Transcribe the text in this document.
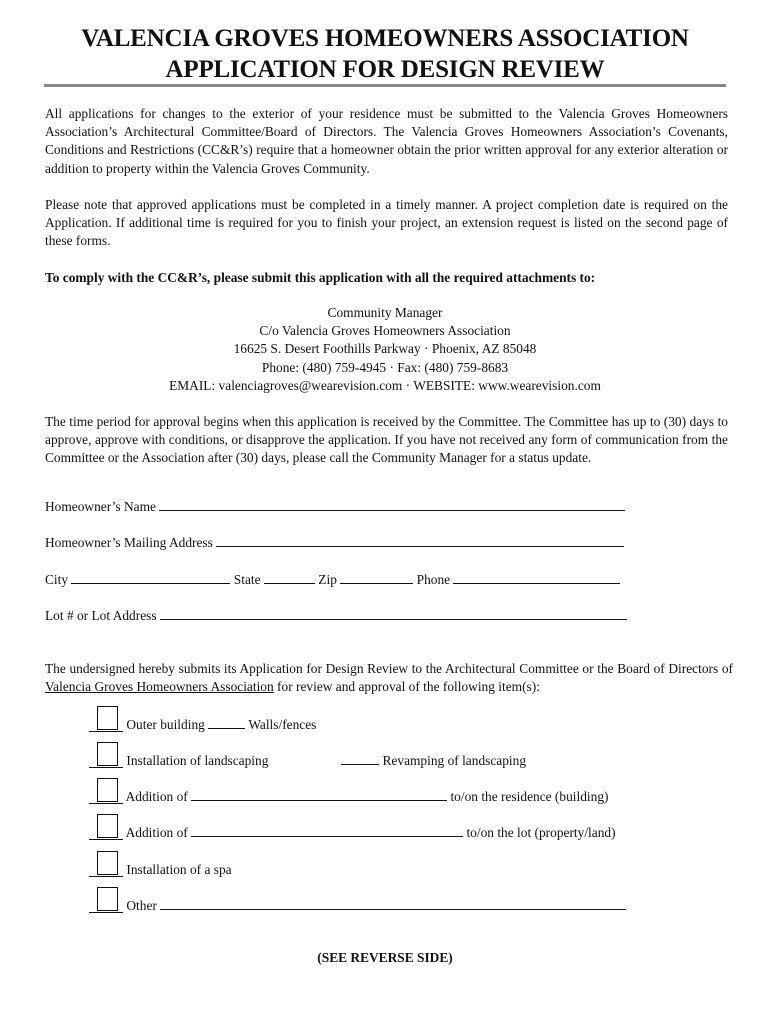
VALENCIA GROVES HOMEOWNERS ASSOCIATION
APPLICATION FOR DESIGN REVIEW
All applications for changes to the exterior of your residence must be submitted to the Valencia Groves Homeowners Association’s Architectural Committee/Board of Directors. The Valencia Groves Homeowners Association’s Covenants, Conditions and Restrictions (CC&R’s) require that a homeowner obtain the prior written approval for any exterior alteration or addition to property within the Valencia Groves Community.
Please note that approved applications must be completed in a timely manner. A project completion date is required on the Application. If additional time is required for you to finish your project, an extension request is listed on the second page of these forms.
To comply with the CC&R’s, please submit this application with all the required attachments to:
Community Manager
C/o Valencia Groves Homeowners Association
16625 S. Desert Foothills Parkway · Phoenix, AZ 85048
Phone: (480) 759-4945 · Fax: (480) 759-8683
EMAIL: valenciagroves@wearevision.com · WEBSITE: www.wearevision.com
The time period for approval begins when this application is received by the Committee. The Committee has up to (30) days to approve, approve with conditions, or disapprove the application. If you have not received any form of communication from the Committee or the Association after (30) days, please call the Community Manager for a status update.
Homeowner’s Name
Homeowner’s Mailing Address
City	State	Zip	Phone
Lot # or Lot Address
The undersigned hereby submits its Application for Design Review to the Architectural Committee or the Board of Directors of Valencia Groves Homeowners Association for review and approval of the following item(s):
Outer building	Walls/fences
Installation of landscaping	Revamping of landscaping
Addition of	to/on the residence (building)
Addition of	to/on the lot (property/land)
Installation of a spa
Other
(SEE REVERSE SIDE)
